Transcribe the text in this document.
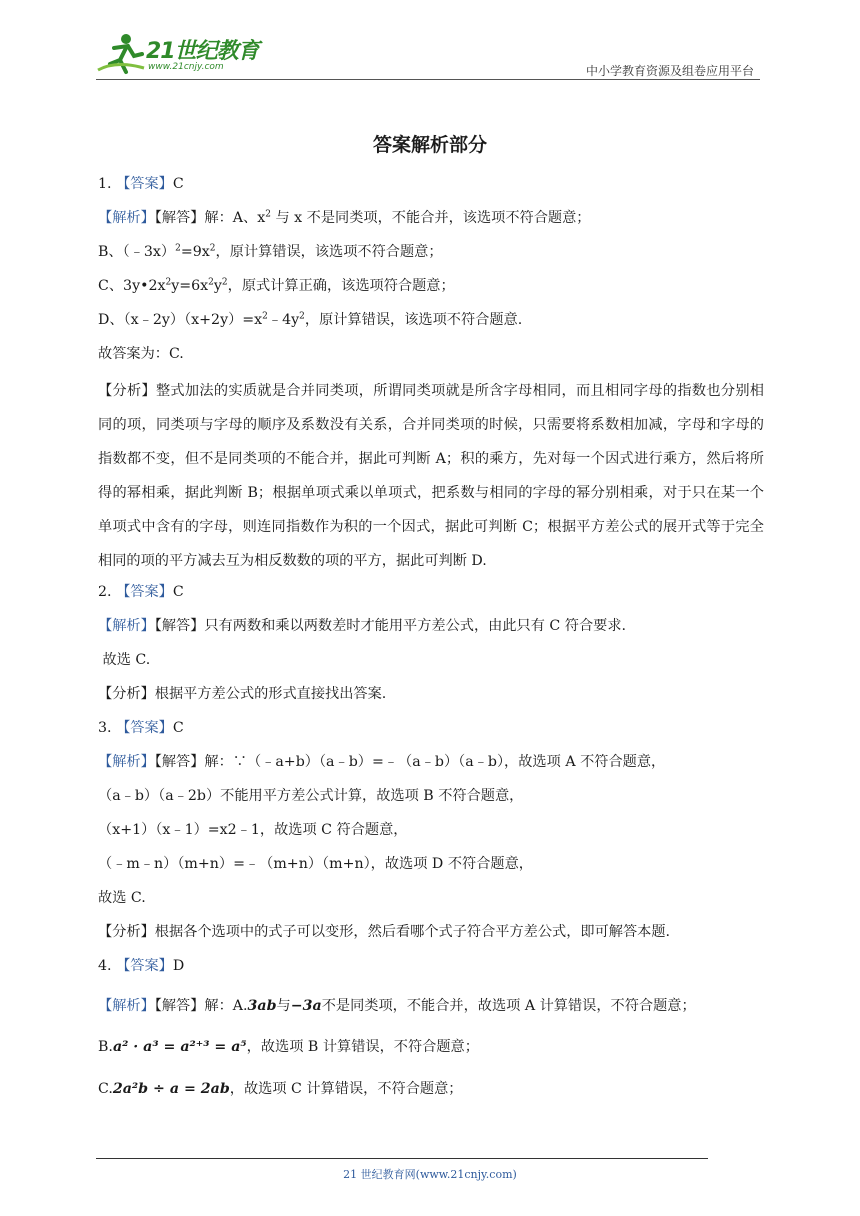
21世纪教育
www.21cnjy.com	中小学教育资源及组卷应用平台
答案解析部分
1. 【答案】C
【解析】【解答】解：A、$x^2$ 与 x 不是同类项，不能合并，该选项不符合题意；
B、$(﹣3x)^2=9x^2$，原计算错误，该选项不符合题意；
C、$3y•2x^2y=6x^2y^2$，原式计算正确，该选项符合题意；
D、$(x﹣2y)(x+2y)=x^2﹣4y^2$，原计算错误，该选项不符合题意.
故答案为：C.
【分析】整式加法的实质就是合并同类项，所谓同类项就是所含字母相同，而且相同字母的指数也分别相同的项，同类项与字母的顺序及系数没有关系，合并同类项的时候，只需要将系数相加减，字母和字母的指数都不变，但不是同类项的不能合并，据此可判断 A；积的乘方，先对每一个因式进行乘方，然后将所得的幂相乘，据此判断 B；根据单项式乘以单项式，把系数与相同的字母的幂分别相乘，对于只在某一个单项式中含有的字母，则连同指数作为积的一个因式，据此可判断 C；根据平方差公式的展开式等于完全相同的项的平方减去互为相反数数的项的平方，据此可判断 D.
2. 【答案】C
【解析】【解答】只有两数和乘以两数差时才能用平方差公式，由此只有 C 符合要求.
故选 C.
【分析】根据平方差公式的形式直接找出答案.
3. 【答案】C
【解析】【解答】解：∵（﹣a+b）（a﹣b）=﹣（a﹣b）（a﹣b），故选项 A 不符合题意，
（a﹣b）（a﹣2b）不能用平方差公式计算，故选项 B 不符合题意，
（x+1）（x﹣1）=x2﹣1，故选项 C 符合题意，
（﹣m﹣n）（m+n）=﹣（m+n）（m+n），故选项 D 不符合题意，
故选 C.
【分析】根据各个选项中的式子可以变形，然后看哪个式子符合平方差公式，即可解答本题.
4. 【答案】D
【解析】【解答】解：A.3ab与−3a不是同类项，不能合并，故选项 A 计算错误，不符合题意；
B.a² · a³ = a²⁺³ = a⁵，故选项 B 计算错误，不符合题意；
C.2a²b ÷ a = 2ab，故选项 C 计算错误，不符合题意；
21 世纪教育网(www.21cnjy.com)
